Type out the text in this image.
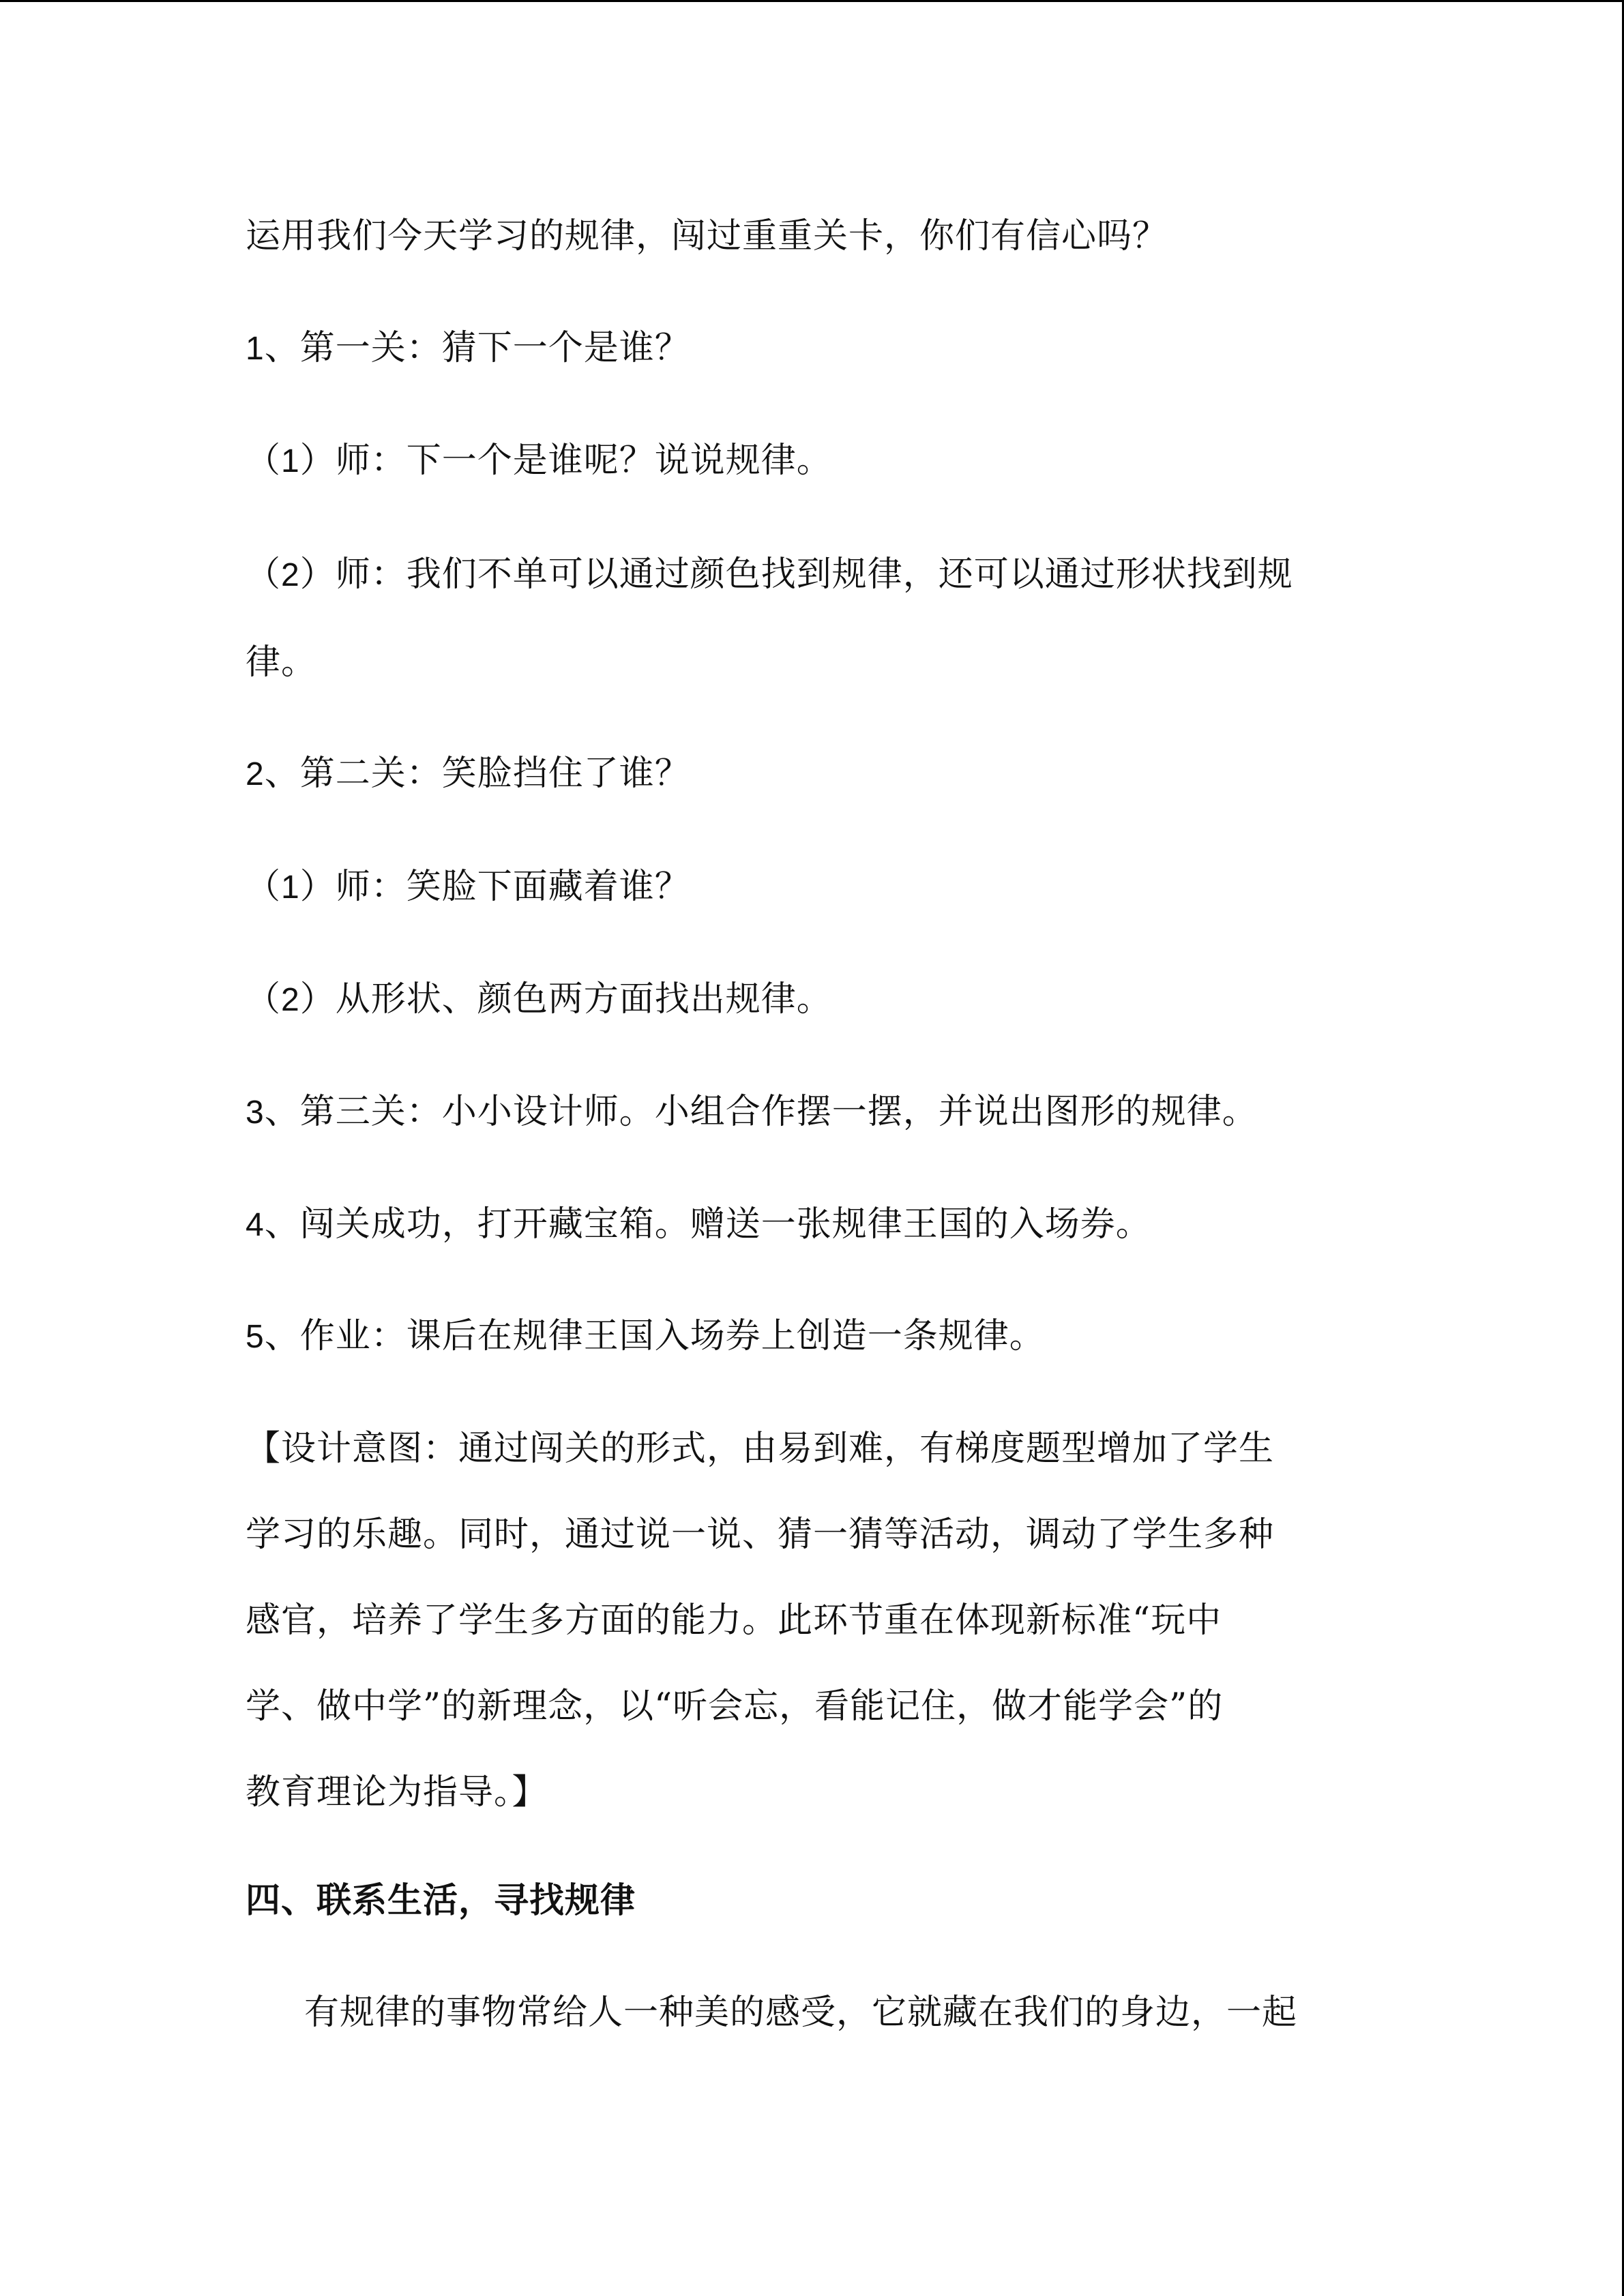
运用我们今天学习的规律，闯过重重关卡，你们有信心吗？
1、第一关：猜下一个是谁？
（1）师：下一个是谁呢？说说规律。
（2）师：我们不单可以通过颜色找到规律，还可以通过形状找到规
律。
2、第二关：笑脸挡住了谁？
（1）师：笑脸下面藏着谁？
（2）从形状、颜色两方面找出规律。
3、第三关：小小设计师。小组合作摆一摆，并说出图形的规律。
4、闯关成功，打开藏宝箱。赠送一张规律王国的入场券。
5、作业：课后在规律王国入场券上创造一条规律。
【设计意图：通过闯关的形式，由易到难，有梯度题型增加了学生
学习的乐趣。同时，通过说一说、猜一猜等活动，调动了学生多种
感官，培养了学生多方面的能力。此环节重在体现新标准“玩中
学、做中学”的新理念，以“听会忘，看能记住，做才能学会”的
教育理论为指导。】
四、联系生活，寻找规律
有规律的事物常给人一种美的感受，它就藏在我们的身边，一起
